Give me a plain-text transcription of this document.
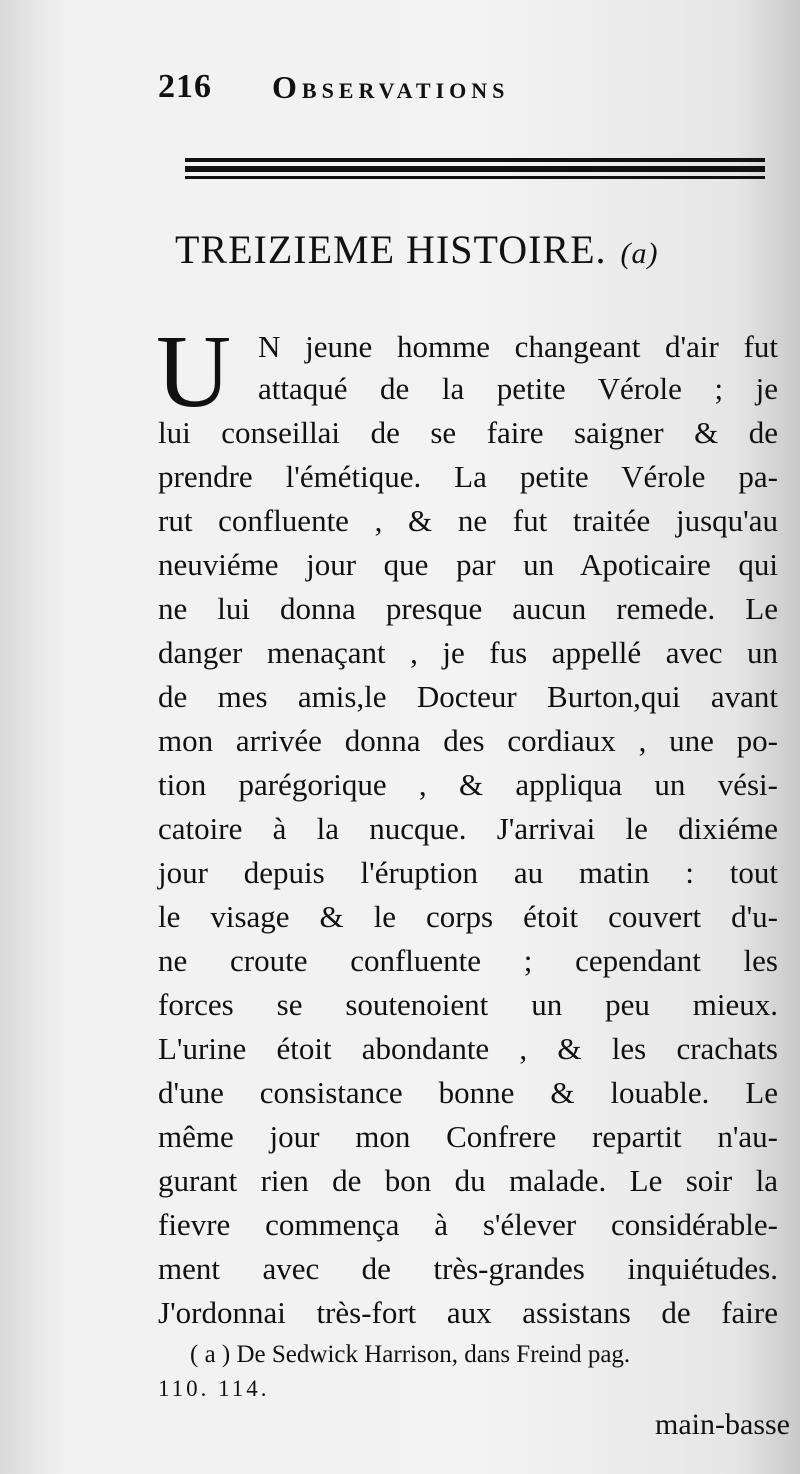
216 Observations
TREIZIEME HISTOIRE. (a)
U N jeune homme changeant d'air fut
attaqué de la petite Vérole ; je
lui conseillai de se faire saigner & de
prendre l'émétique. La petite Vérole pa-
rut confluente , & ne fut traitée jusqu'au
neuviéme jour que par un Apoticaire qui
ne lui donna presque aucun remede. Le
danger menaçant , je fus appellé avec un
de mes amis,le Docteur Burton,qui avant
mon arrivée donna des cordiaux , une po-
tion parégorique , & appliqua un vési-
catoire à la nucque. J'arrivai le dixiéme
jour depuis l'éruption au matin : tout
le visage & le corps étoit couvert d'u-
ne croute confluente ; cependant les
forces se soutenoient un peu mieux.
L'urine étoit abondante , & les crachats
d'une consistance bonne & louable. Le
même jour mon Confrere repartit n'au-
gurant rien de bon du malade. Le soir la
fievre commença à s'élever considérable-
ment avec de très-grandes inquiétudes.
J'ordonnai très-fort aux assistans de faire
( a ) De Sedwick Harrison, dans Freind pag.
110. 114.
main-basse
